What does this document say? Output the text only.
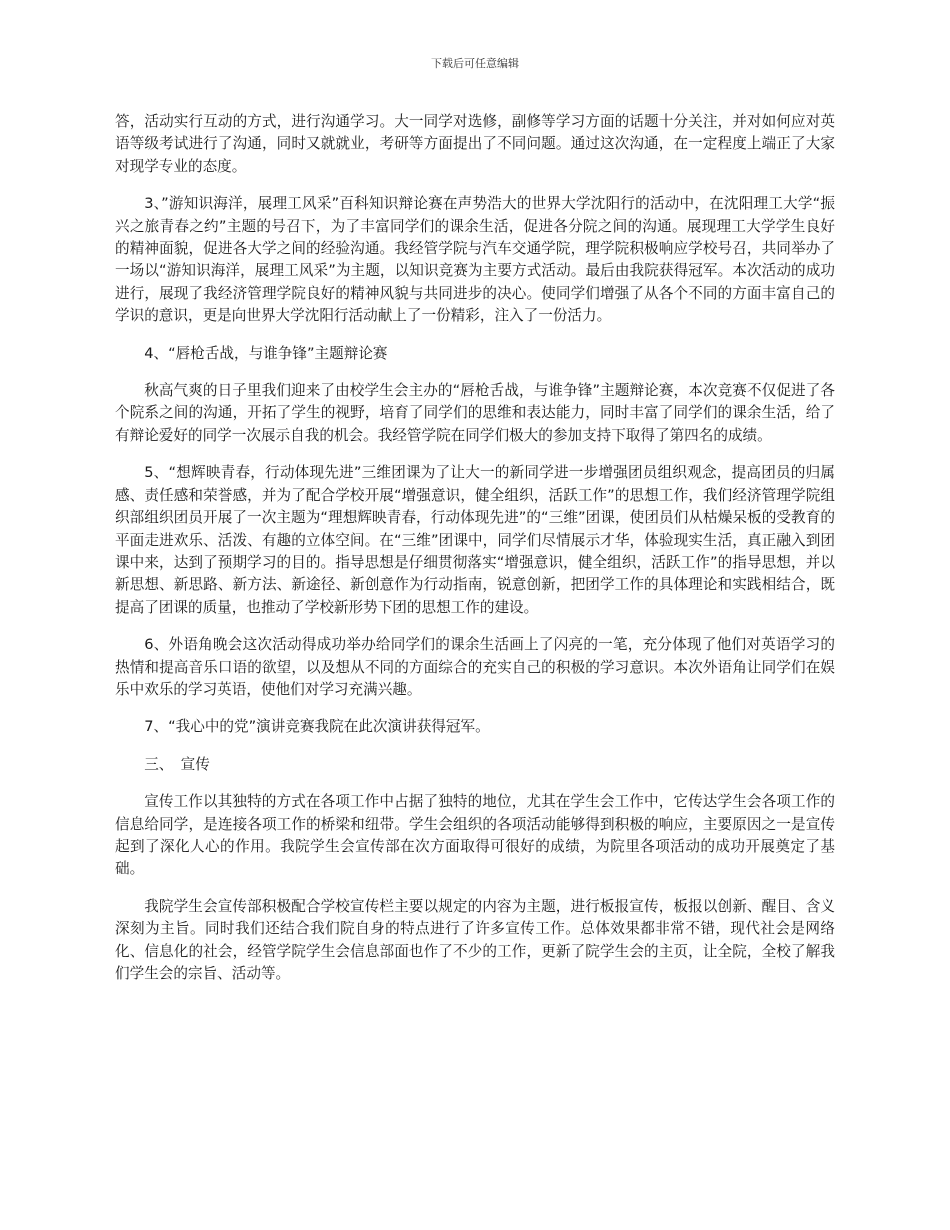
下载后可任意编辑

答，活动实行互动的方式，进行沟通学习。大一同学对选修，副修等学习方面的话题十分关注，并对如何应对英语等级考试进行了沟通，同时又就就业，考研等方面提出了不同问题。通过这次沟通，在一定程度上端正了大家对现学专业的态度。

3、”游知识海洋，展理工风采”百科知识辩论赛在声势浩大的世界大学沈阳行的活动中，在沈阳理工大学“振兴之旅青春之约”主题的号召下，为了丰富同学们的课余生活，促进各分院之间的沟通。展现理工大学学生良好的精神面貌，促进各大学之间的经验沟通。我经管学院与汽车交通学院，理学院积极响应学校号召，共同举办了一场以“游知识海洋，展理工风采”为主题，以知识竞赛为主要方式活动。最后由我院获得冠军。本次活动的成功进行，展现了我经济管理学院良好的精神风貌与共同进步的决心。使同学们增强了从各个不同的方面丰富自己的学识的意识，更是向世界大学沈阳行活动献上了一份精彩，注入了一份活力。

4、“唇枪舌战，与谁争锋”主题辩论赛

秋高气爽的日子里我们迎来了由校学生会主办的“唇枪舌战，与谁争锋”主题辩论赛，本次竞赛不仅促进了各个院系之间的沟通，开拓了学生的视野，培育了同学们的思维和表达能力，同时丰富了同学们的课余生活，给了有辩论爱好的同学一次展示自我的机会。我经管学院在同学们极大的参加支持下取得了第四名的成绩。

5、“想辉映青春，行动体现先进”三维团课为了让大一的新同学进一步增强团员组织观念，提高团员的归属感、责任感和荣誉感，并为了配合学校开展“增强意识，健全组织，活跃工作”的思想工作，我们经济管理学院组织部组织团员开展了一次主题为“理想辉映青春，行动体现先进”的“三维”团课，使团员们从枯燥呆板的受教育的平面走进欢乐、活泼、有趣的立体空间。在“三维”团课中，同学们尽情展示才华，体验现实生活，真正融入到团课中来，达到了预期学习的目的。指导思想是仔细贯彻落实“增强意识，健全组织，活跃工作”的指导思想，并以新思想、新思路、新方法、新途径、新创意作为行动指南，锐意创新，把团学工作的具体理论和实践相结合，既提高了团课的质量，也推动了学校新形势下团的思想工作的建设。

6、外语角晚会这次活动得成功举办给同学们的课余生活画上了闪亮的一笔，充分体现了他们对英语学习的热情和提高音乐口语的欲望，以及想从不同的方面综合的充实自己的积极的学习意识。本次外语角让同学们在娱乐中欢乐的学习英语，使他们对学习充满兴趣。

7、“我心中的党”演讲竞赛我院在此次演讲获得冠军。

三、　宣传

宣传工作以其独特的方式在各项工作中占据了独特的地位，尤其在学生会工作中，它传达学生会各项工作的信息给同学，是连接各项工作的桥梁和纽带。学生会组织的各项活动能够得到积极的响应，主要原因之一是宣传起到了深化人心的作用。我院学生会宣传部在次方面取得可很好的成绩，为院里各项活动的成功开展奠定了基础。

我院学生会宣传部积极配合学校宣传栏主要以规定的内容为主题，进行板报宣传，板报以创新、醒目、含义深刻为主旨。同时我们还结合我们院自身的特点进行了许多宣传工作。总体效果都非常不错，现代社会是网络化、信息化的社会，经管学院学生会信息部面也作了不少的工作，更新了院学生会的主页，让全院，全校了解我们学生会的宗旨、活动等。
